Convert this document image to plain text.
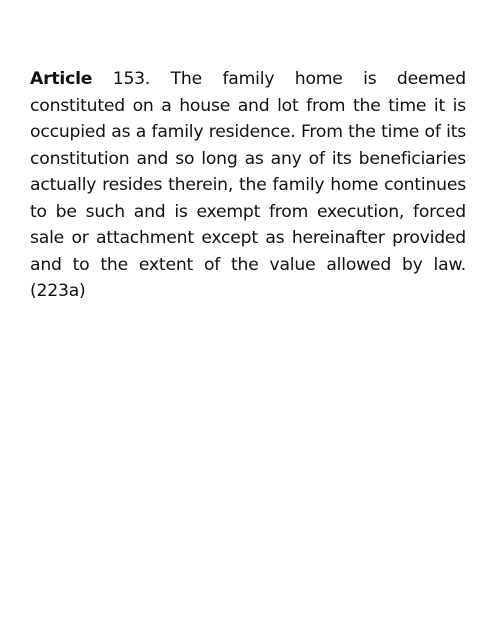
Article 153. The family home is deemed constituted on a house and lot from the time it is occupied as a family residence. From the time of its constitution and so long as any of its beneficiaries actually resides therein, the family home continues to be such and is exempt from execution, forced sale or attachment except as hereinafter provided and to the extent of the value allowed by law. (223a)
